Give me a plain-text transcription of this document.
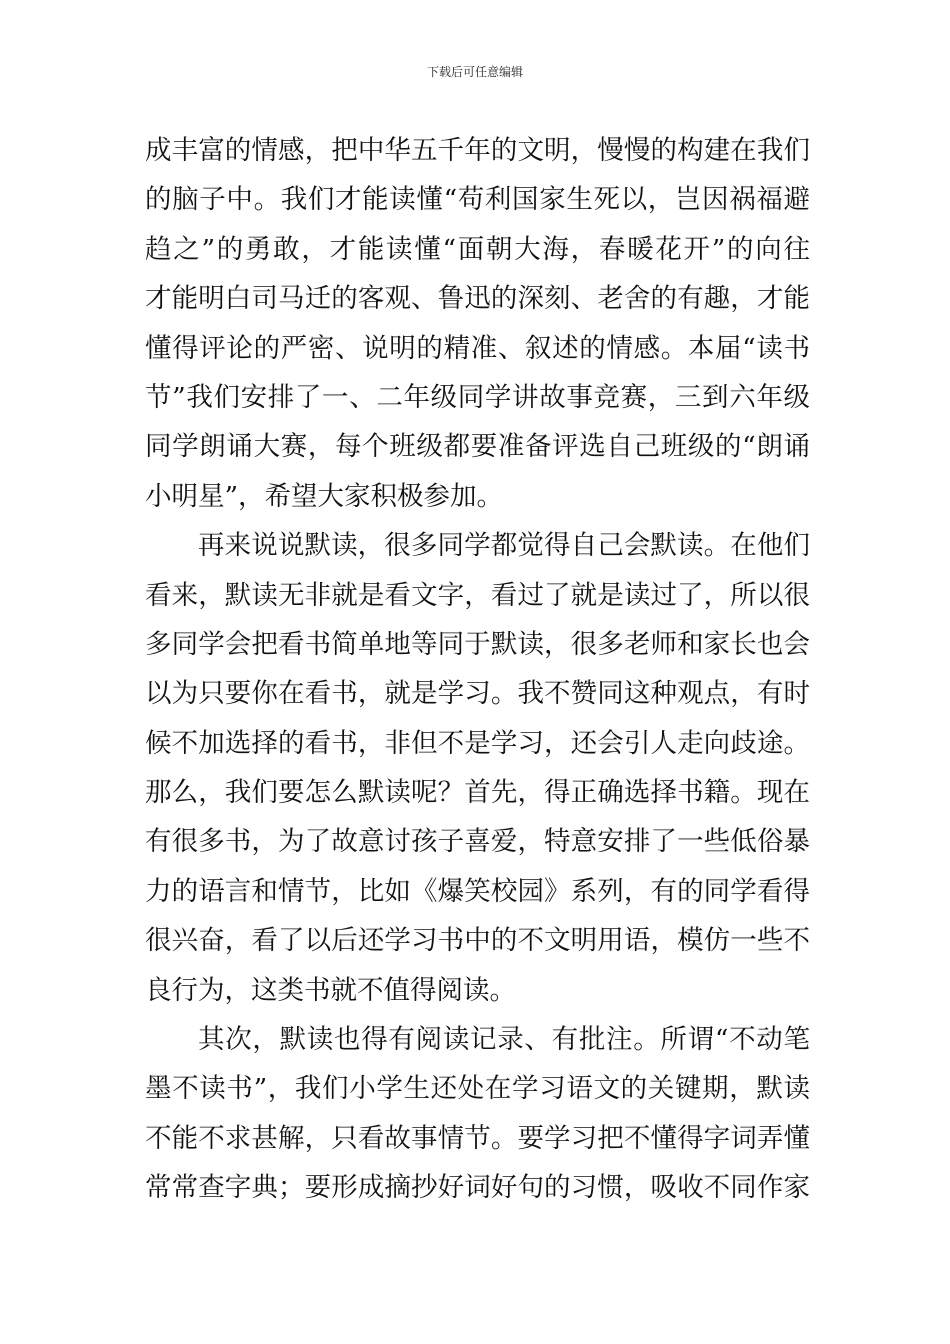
下载后可任意编辑
成丰富的情感，把中华五千年的文明，慢慢的构建在我们
的脑子中。我们才能读懂“苟利国家生死以，岂因祸福避
趋之”的勇敢，才能读懂“面朝大海，春暖花开”的向往
才能明白司马迁的客观、鲁迅的深刻、老舍的有趣，才能
懂得评论的严密、说明的精准、叙述的情感。本届“读书
节”我们安排了一、二年级同学讲故事竞赛，三到六年级
同学朗诵大赛，每个班级都要准备评选自己班级的“朗诵
小明星”，希望大家积极参加。
再来说说默读，很多同学都觉得自己会默读。在他们
看来，默读无非就是看文字，看过了就是读过了，所以很
多同学会把看书简单地等同于默读，很多老师和家长也会
以为只要你在看书，就是学习。我不赞同这种观点，有时
候不加选择的看书，非但不是学习，还会引人走向歧途。
那么，我们要怎么默读呢？首先，得正确选择书籍。现在
有很多书，为了故意讨孩子喜爱，特意安排了一些低俗暴
力的语言和情节，比如《爆笑校园》系列，有的同学看得
很兴奋，看了以后还学习书中的不文明用语，模仿一些不
良行为，这类书就不值得阅读。
其次，默读也得有阅读记录、有批注。所谓“不动笔
墨不读书”，我们小学生还处在学习语文的关键期，默读
不能不求甚解，只看故事情节。要学习把不懂得字词弄懂
常常查字典；要形成摘抄好词好句的习惯，吸收不同作家
